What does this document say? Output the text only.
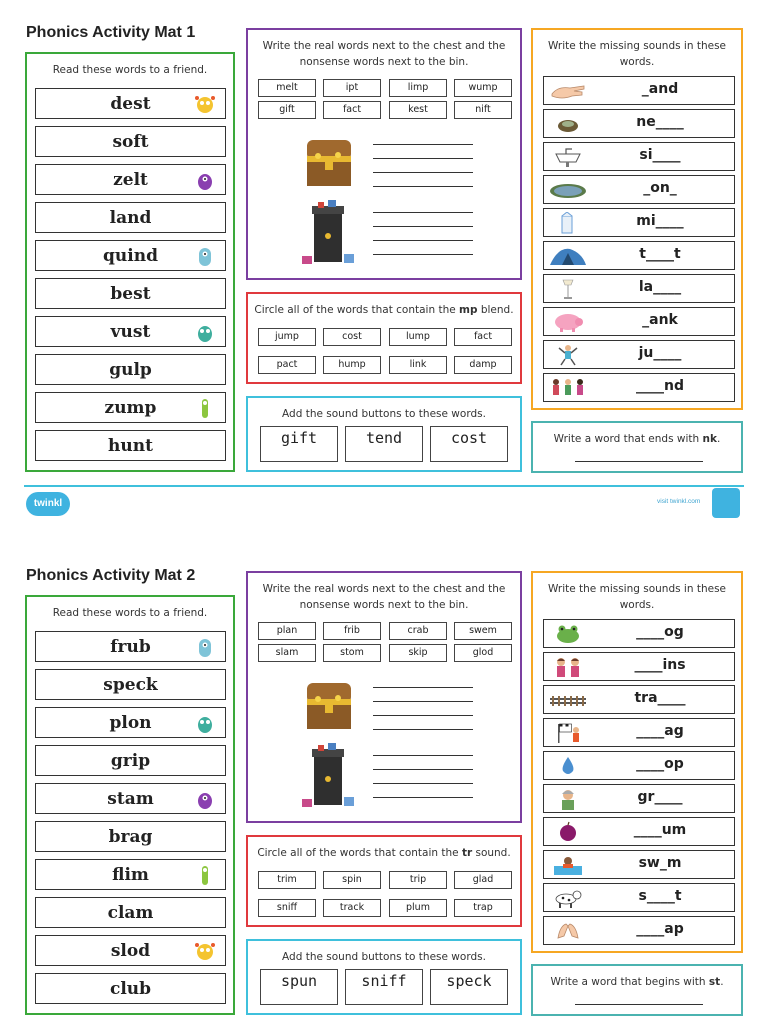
Phonics Activity Mat 1
Read these words to a friend.
dest
soft
zelt
land
quind
best
vust
gulp
zump
hunt
Write the real words next to the chest and the nonsense words next to the bin.
melt	ipt	limp	wump
gift	fact	kest	nift
Circle all of the words that contain the mp blend.
jump	cost	lump	fact
pact	hump	link	damp
Add the sound buttons to these words.
gift	tend	cost
Write the missing sounds in these words.
_and
ne____
si____
_on_
mi____
t____t
la____
_ank
ju____
____nd
Write a word that ends with nk.
twinkl	visit twinkl.com
Phonics Activity Mat 2
Read these words to a friend.
frub
speck
plon
grip
stam
brag
flim
clam
slod
club
Write the real words next to the chest and the nonsense words next to the bin.
plan	frib	crab	swem
slam	stom	skip	glod
Circle all of the words that contain the tr sound.
trim	spin	trip	glad
sniff	track	plum	trap
Add the sound buttons to these words.
spun	sniff	speck
Write the missing sounds in these words.
____og
____ins
tra____
____ag
____op
gr____
____um
sw_m
s____t
____ap
Write a word that begins with st.
